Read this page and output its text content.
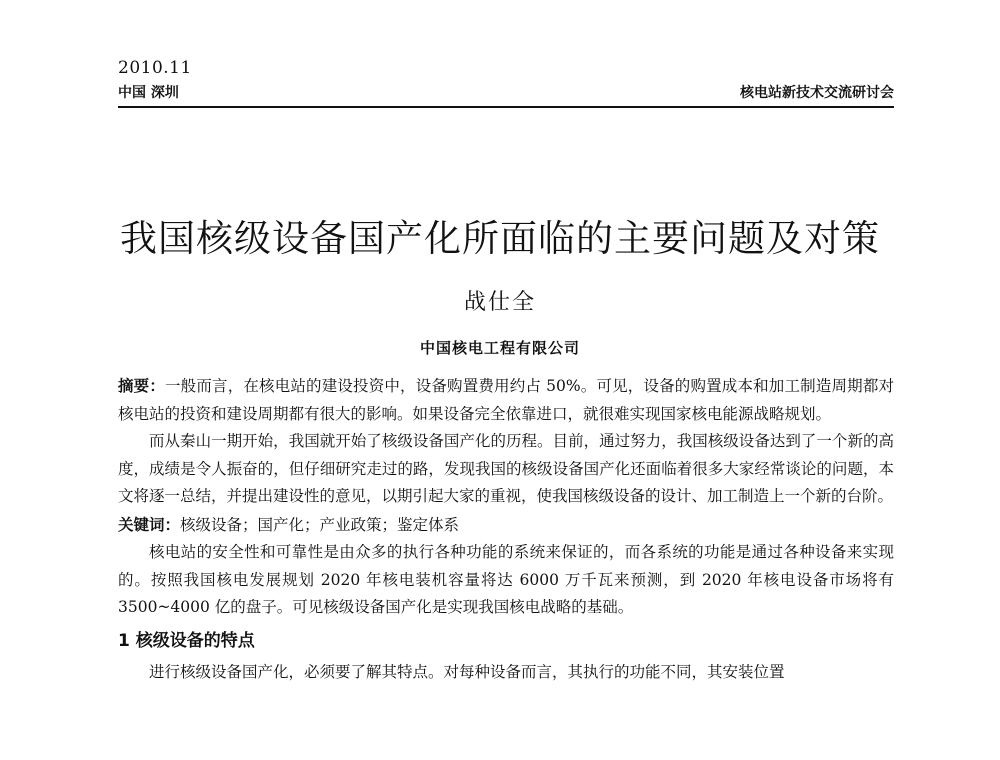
2010.11
中国 深圳	核电站新技术交流研讨会
我国核级设备国产化所面临的主要问题及对策
战仕全
中国核电工程有限公司

摘要：一般而言，在核电站的建设投资中，设备购置费用约占 50%。可见，设备的购置成本和加工制造周期都对核电站的投资和建设周期都有很大的影响。如果设备完全依靠进口，就很难实现国家核电能源战略规划。

而从秦山一期开始，我国就开始了核级设备国产化的历程。目前，通过努力，我国核级设备达到了一个新的高度，成绩是令人振奋的，但仔细研究走过的路，发现我国的核级设备国产化还面临着很多大家经常谈论的问题，本文将逐一总结，并提出建设性的意见，以期引起大家的重视，使我国核级设备的设计、加工制造上一个新的台阶。

关键词：核级设备；国产化；产业政策；鉴定体系

核电站的安全性和可靠性是由众多的执行各种功能的系统来保证的，而各系统的功能是通过各种设备来实现的。按照我国核电发展规划 2020 年核电装机容量将达 6000 万千瓦来预测，到 2020 年核电设备市场将有 3500~4000 亿的盘子。可见核级设备国产化是实现我国核电战略的基础。

1 核级设备的特点

进行核级设备国产化，必须要了解其特点。对每种设备而言，其执行的功能不同，其安装位置
